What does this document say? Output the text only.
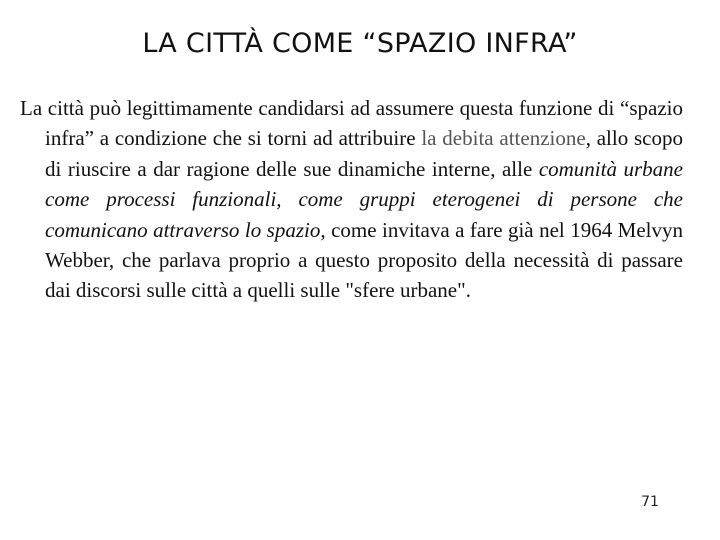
LA CITTÀ COME “SPAZIO INFRA”

La città può legittimamente candidarsi ad assumere questa funzione di “spazio infra” a condizione che si torni ad attribuire la debita attenzione, allo scopo di riuscire a dar ragione delle sue dinamiche interne, alle comunità urbane come processi funzionali, come gruppi eterogenei di persone che comunicano attraverso lo spazio, come invitava a fare già nel 1964 Melvyn Webber, che parlava proprio a questo proposito della necessità di passare dai discorsi sulle città a quelli sulle "sfere urbane".

71
